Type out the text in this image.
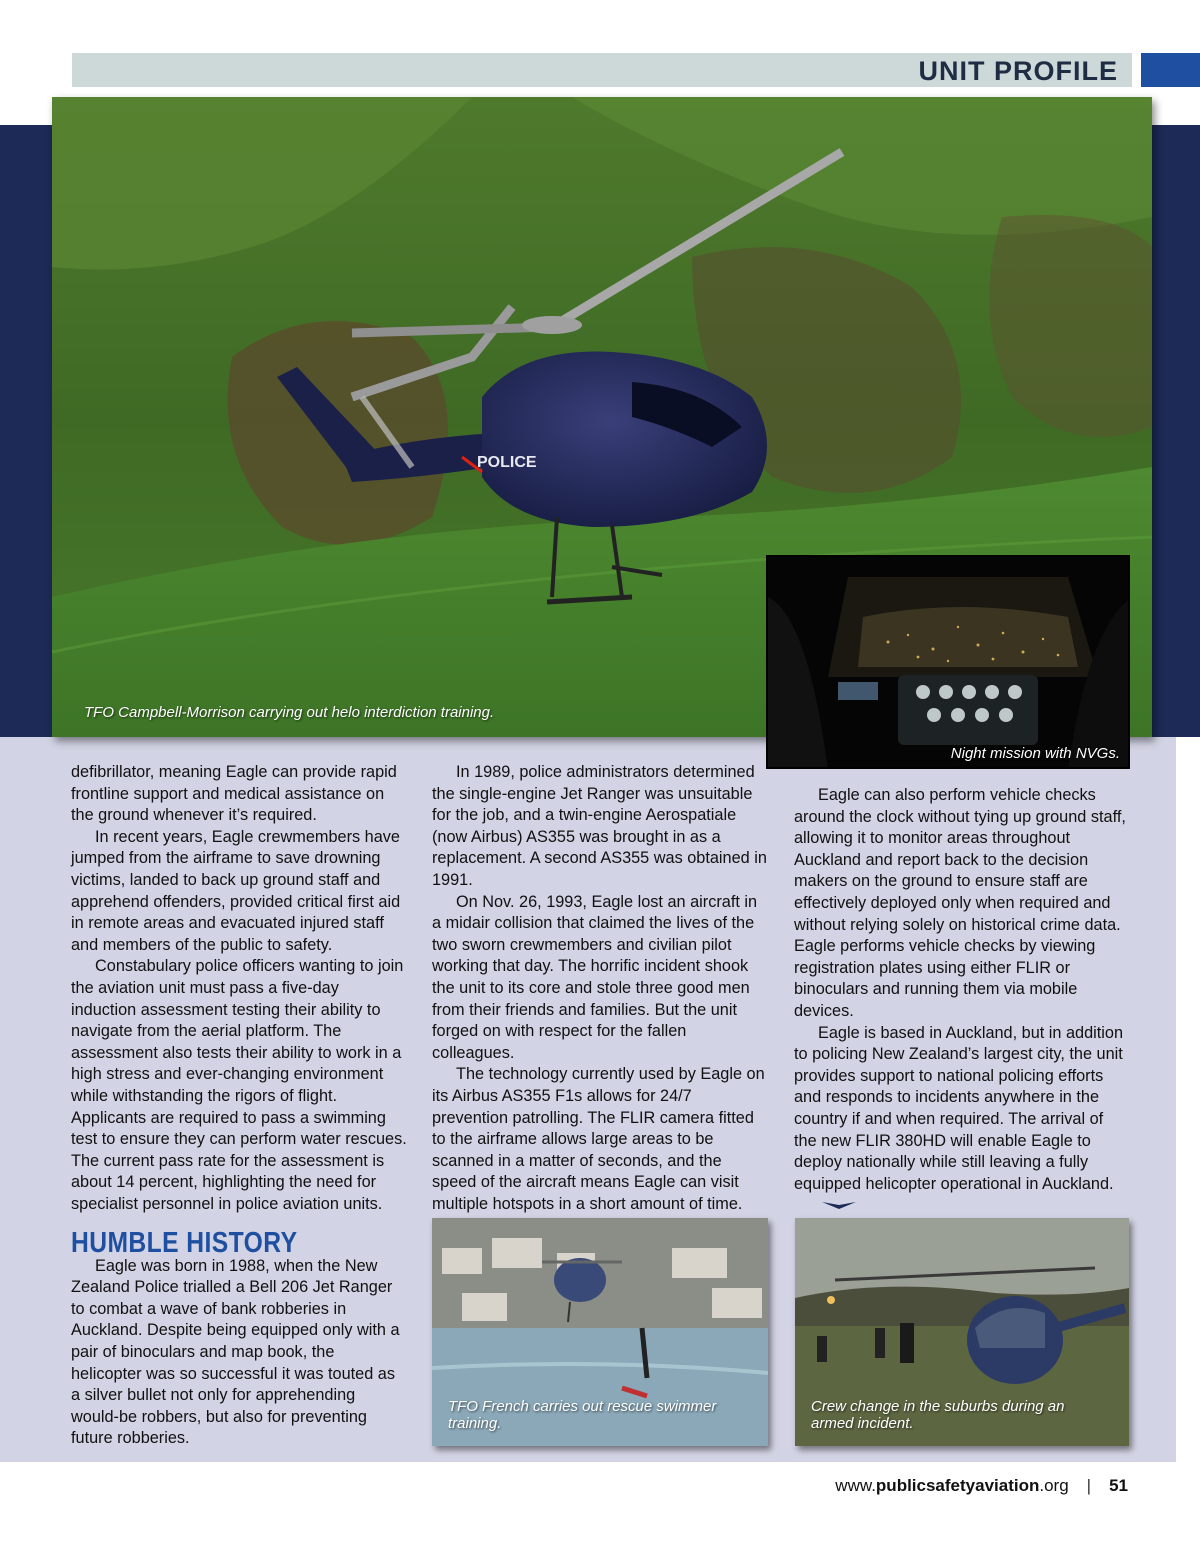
UNIT PROFILE
POLICE
TFO Campbell-Morrison carrying out helo interdiction training.
Night mission with NVGs.

defibrillator, meaning Eagle can provide rapid frontline support and medical assistance on the ground whenever it’s required.

In recent years, Eagle crewmembers have jumped from the airframe to save drowning victims, landed to back up ground staff and apprehend offenders, provided critical first aid in remote areas and evacuated injured staff and members of the public to safety.

Constabulary police officers wanting to join the aviation unit must pass a five-day induction assessment testing their ability to navigate from the aerial platform. The assessment also tests their ability to work in a high stress and ever-changing environment while withstanding the rigors of flight. Applicants are required to pass a swimming test to ensure they can perform water rescues. The current pass rate for the assessment is about 14 percent, highlighting the need for specialist personnel in police aviation units.

HUMBLE HISTORY

Eagle was born in 1988, when the New Zealand Police trialled a Bell 206 Jet Ranger to combat a wave of bank robberies in Auckland. Despite being equipped only with a pair of binoculars and map book, the helicopter was so successful it was touted as a silver bullet not only for apprehending would-be robbers, but also for preventing future robberies.

In 1989, police administrators determined the single-engine Jet Ranger was unsuitable for the job, and a twin-engine Aerospatiale (now Airbus) AS355 was brought in as a replacement. A second AS355 was obtained in 1991.

On Nov. 26, 1993, Eagle lost an aircraft in a midair collision that claimed the lives of the two sworn crewmembers and civilian pilot working that day. The horrific incident shook the unit to its core and stole three good men from their friends and families. But the unit forged on with respect for the fallen colleagues.

The technology currently used by Eagle on its Airbus AS355 F1s allows for 24/7 prevention patrolling. The FLIR camera fitted to the airframe allows large areas to be scanned in a matter of seconds, and the speed of the aircraft means Eagle can visit multiple hotspots in a short amount of time.

Eagle can also perform vehicle checks around the clock without tying up ground staff, allowing it to monitor areas throughout Auckland and report back to the decision makers on the ground to ensure staff are effectively deployed only when required and without relying solely on historical crime data. Eagle performs vehicle checks by viewing registration plates using either FLIR or binoculars and running them via mobile devices.

Eagle is based in Auckland, but in addition to policing New Zealand’s largest city, the unit provides support to national policing efforts and responds to incidents anywhere in the country if and when required. The arrival of the new FLIR 380HD will enable Eagle to deploy nationally while still leaving a fully equipped helicopter operational in Auckland.

TFO French carries out rescue swimmer training.
Crew change in the suburbs during an armed incident.
www.publicsafetyaviation.org | 51
